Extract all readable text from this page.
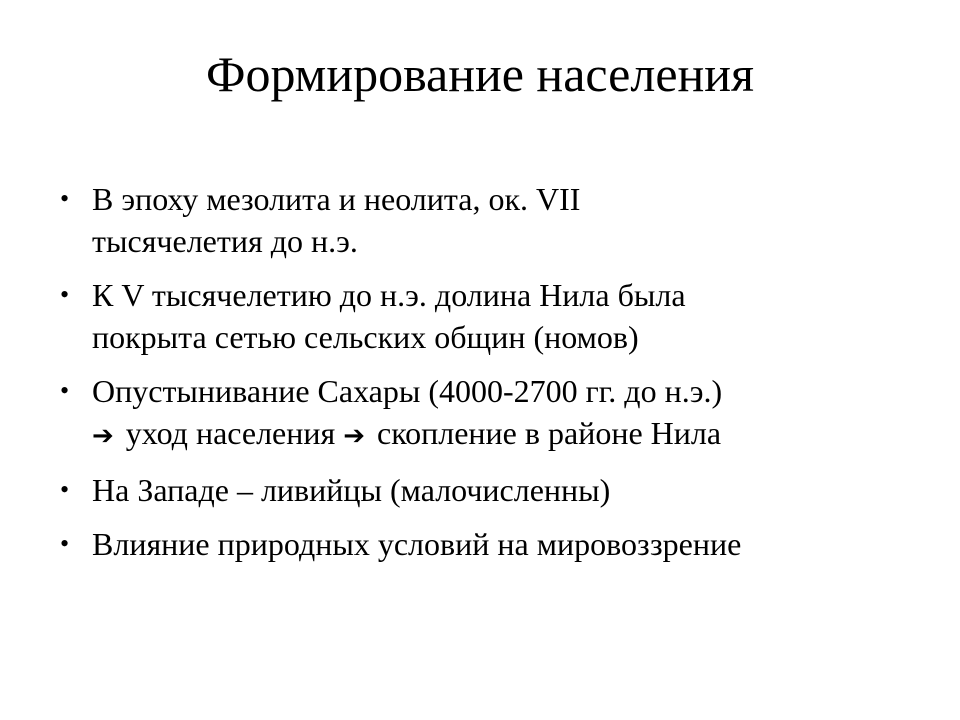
Формирование населения
• В эпоху мезолита и неолита, ок. VII
тысячелетия до н.э.
• К V тысячелетию до н.э. долина Нила была
покрыта сетью сельских общин (номов)
• Опустынивание Сахары (4000-2700 гг. до н.э.)
➔ уход населения ➔ скопление в районе Нила
• На Западе – ливийцы (малочисленны)
• Влияние природных условий на мировоззрение
